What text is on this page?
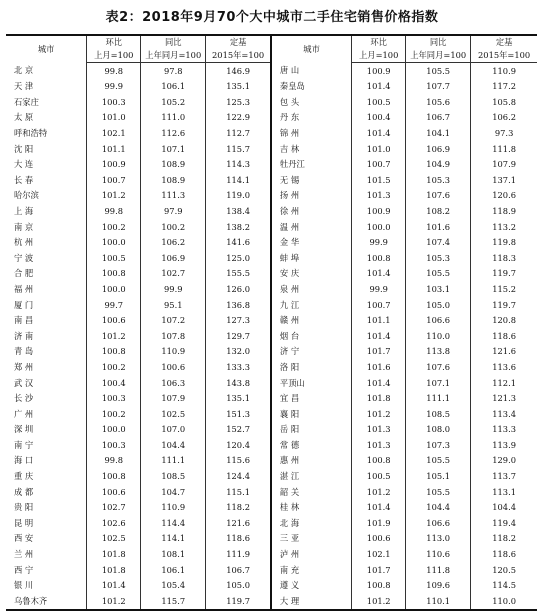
表2：2018年9月70个大中城市二手住宅销售价格指数
城市	环比	同比	定基	城市	环比	同比	定基
	上月=100	上年同月=100	2015年=100		上月=100	上年同月=100	2015年=100
北 京	99.8	97.8	146.9	唐 山	100.9	105.5	110.9
天 津	99.9	106.1	135.1	秦皇岛	101.4	107.7	117.2
石家庄	100.3	105.2	125.3	包 头	100.5	105.6	105.8
太 原	101.0	111.0	122.9	丹 东	100.4	106.7	106.2
呼和浩特	102.1	112.6	112.7	锦 州	101.4	104.1	97.3
沈 阳	101.1	107.1	115.7	吉 林	101.0	106.9	111.8
大 连	100.9	108.9	114.3	牡丹江	100.7	104.9	107.9
长 春	100.7	108.9	114.1	无 锡	101.5	105.3	137.1
哈尔滨	101.2	111.3	119.0	扬 州	101.3	107.6	120.6
上 海	99.8	97.9	138.4	徐 州	100.9	108.2	118.9
南 京	100.2	100.2	138.2	温 州	100.0	101.6	113.2
杭 州	100.0	106.2	141.6	金 华	99.9	107.4	119.8
宁 波	100.5	106.9	125.0	蚌 埠	100.8	105.3	118.3
合 肥	100.8	102.7	155.5	安 庆	101.4	105.5	119.7
福 州	100.0	99.9	126.0	泉 州	99.9	103.1	115.2
厦 门	99.7	95.1	136.8	九 江	100.7	105.0	119.7
南 昌	100.6	107.2	127.3	赣 州	101.1	106.6	120.8
济 南	101.2	107.8	129.7	烟 台	101.4	110.0	118.6
青 岛	100.8	110.9	132.0	济 宁	101.7	113.8	121.6
郑 州	100.2	100.6	133.3	洛 阳	101.6	107.6	113.6
武 汉	100.4	106.3	143.8	平顶山	101.4	107.1	112.1
长 沙	100.3	107.9	135.1	宜 昌	101.8	111.1	121.3
广 州	100.2	102.5	151.3	襄 阳	101.2	108.5	113.4
深 圳	100.0	107.0	152.7	岳 阳	101.3	108.0	113.3
南 宁	100.3	104.4	120.4	常 德	101.3	107.3	113.9
海 口	99.8	111.1	115.6	惠 州	100.8	105.5	129.0
重 庆	100.8	108.5	124.4	湛 江	100.5	105.1	113.7
成 都	100.6	104.7	115.1	韶 关	101.2	105.5	113.1
贵 阳	102.7	110.9	118.2	桂 林	101.4	104.4	104.4
昆 明	102.6	114.4	121.6	北 海	101.9	106.6	119.4
西 安	102.5	114.1	118.6	三 亚	100.6	113.0	118.2
兰 州	101.8	108.1	111.9	泸 州	102.1	110.6	118.6
西 宁	101.8	106.1	106.7	南 充	101.7	111.8	120.5
银 川	101.4	105.4	105.0	遵 义	100.8	109.6	114.5
乌鲁木齐	101.2	115.7	119.7	大 理	101.2	110.1	110.0
